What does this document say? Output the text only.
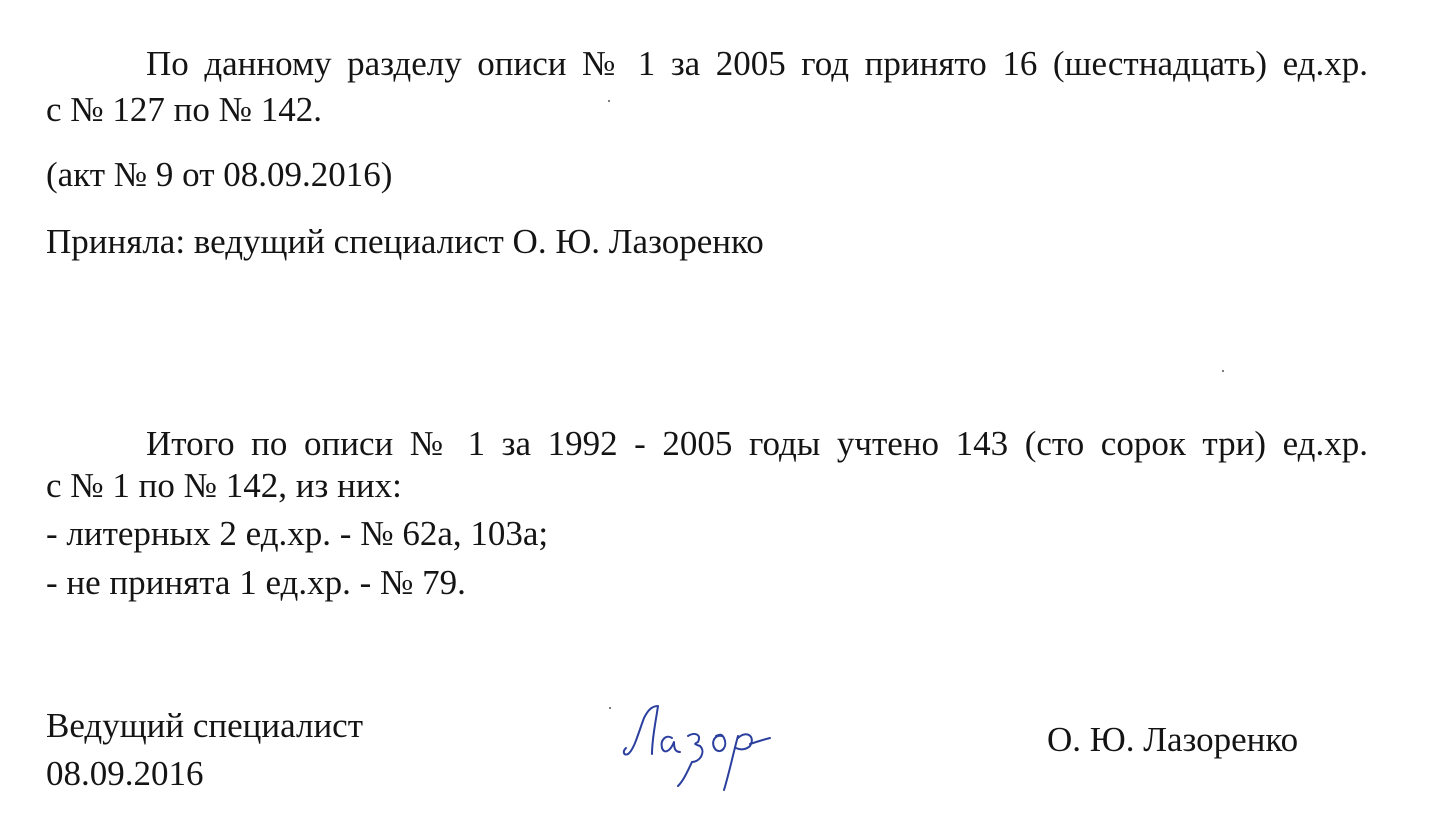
По данному разделу описи № 1 за 2005 год принято 16 (шестнадцать) ед.хр.
с № 127 по № 142.
(акт № 9 от 08.09.2016)
Приняла: ведущий специалист О. Ю. Лазоренко
Итого по описи № 1 за 1992 - 2005 годы учтено 143 (сто сорок три) ед.хр.
с № 1 по № 142, из них:
- литерных 2 ед.хр. - № 62а, 103а;
- не принята 1 ед.хр. - № 79.
Ведущий специалист
08.09.2016
О. Ю. Лазоренко
